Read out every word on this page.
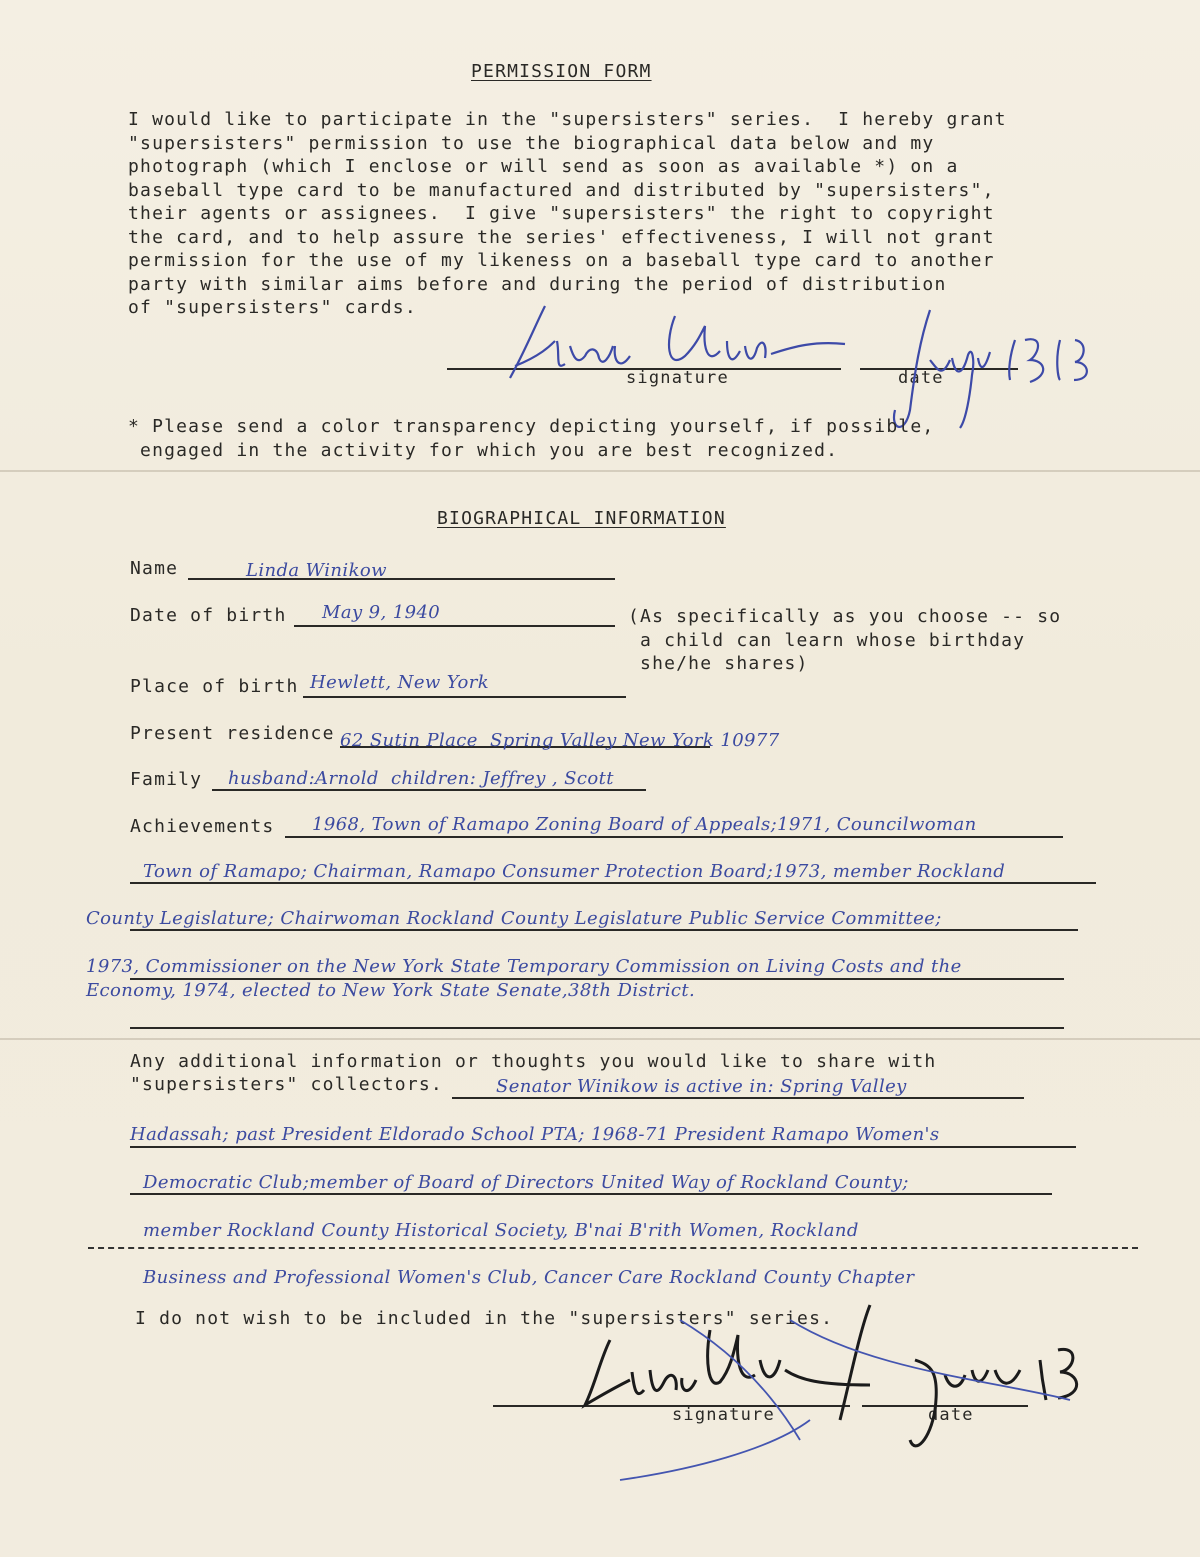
PERMISSION FORM
I would like to participate in the "supersisters" series.  I hereby grant
"supersisters" permission to use the biographical data below and my
photograph (which I enclose or will send as soon as available *) on a
baseball type card to be manufactured and distributed by "supersisters",
their agents or assignees.  I give "supersisters" the right to copyright
the card, and to help assure the series' effectiveness, I will not grant
permission for the use of my likeness on a baseball type card to another
party with similar aims before and during the period of distribution
of "supersisters" cards.
signature	date
* Please send a color transparency depicting yourself, if possible,
engaged in the activity for which you are best recognized.
BIOGRAPHICAL INFORMATION
Name	Linda Winikow
Date of birth May 9, 1940	(As specifically as you choose -- so
a child can learn whose birthday
she/he shares)
Place of birth Hewlett, New York
Present residence 62 Sutin Place  Spring Valley New York 10977
Family husband:Arnold  children: Jeffrey , Scott
Achievements 1968, Town of Ramapo Zoning Board of Appeals;1971, Councilwoman
Town of Ramapo; Chairman, Ramapo Consumer Protection Board;1973, member Rockland
County Legislature; Chairwoman Rockland County Legislature Public Service Committee;
1973, Commissioner on the New York State Temporary Commission on Living Costs and the
Economy, 1974, elected to New York State Senate,38th District.
Any additional information or thoughts you would like to share with
"supersisters" collectors.	Senator Winikow is active in: Spring Valley
Hadassah; past President Eldorado School PTA; 1968-71 President Ramapo Women's
Democratic Club;member of Board of Directors United Way of Rockland County;
member Rockland County Historical Society, B'nai B'rith Women, Rockland
Business and Professional Women's Club, Cancer Care Rockland County Chapter
I do not wish to be included in the "supersisters" series.
signature	date
